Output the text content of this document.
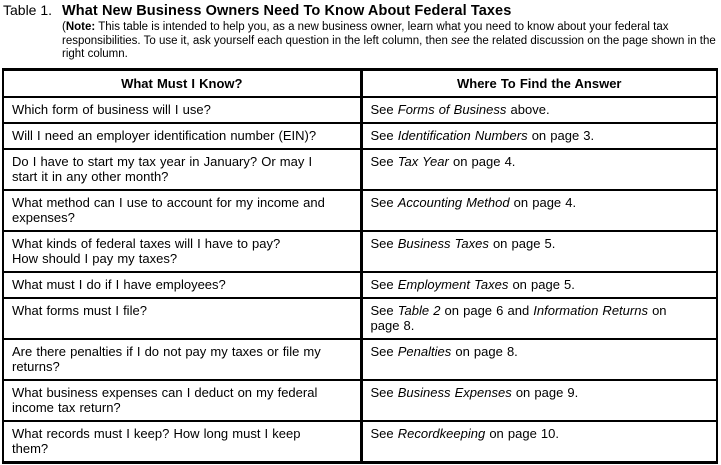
Table 1. What New Business Owners Need To Know About Federal Taxes
(Note: This table is intended to help you, as a new business owner, learn what you need to know about your federal tax responsibilities. To use it, ask yourself each question in the left column, then see the related discussion on the page shown in the right column.
What Must I Know?	Where To Find the Answer
Which form of business will I use?	See Forms of Business above.
Will I need an employer identification number (EIN)?	See Identification Numbers on page 3.
Do I have to start my tax year in January? Or may I
start it in any other month?	See Tax Year on page 4.
What method can I use to account for my income and
expenses?	See Accounting Method on page 4.
What kinds of federal taxes will I have to pay?
How should I pay my taxes?	See Business Taxes on page 5.
What must I do if I have employees?	See Employment Taxes on page 5.
What forms must I file?	See Table 2 on page 6 and Information Returns on
page 8.
Are there penalties if I do not pay my taxes or file my
returns?	See Penalties on page 8.
What business expenses can I deduct on my federal
income tax return?	See Business Expenses on page 9.
What records must I keep? How long must I keep
them?	See Recordkeeping on page 10.
